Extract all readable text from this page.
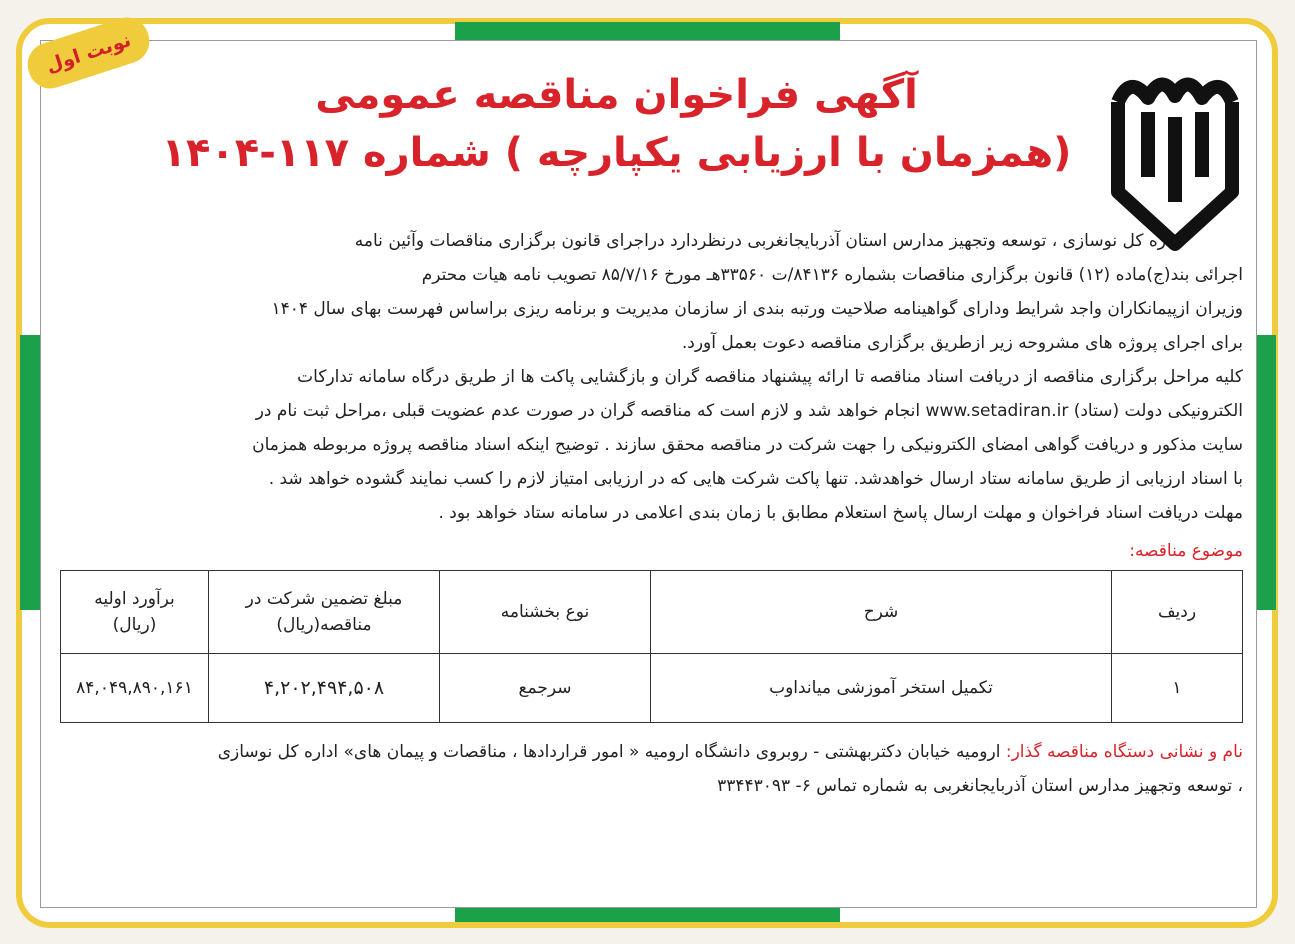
نوبت اول
آگهی فراخوان مناقصه عمومی
(همزمان با ارزیابی یکپارچه ) شماره ۱۱۷-۱۴۰۴
اداره کل نوسازی ، توسعه وتجهیز مدارس استان آذربایجانغربی درنظردارد دراجرای قانون برگزاری مناقصات وآئین نامه
اجرائی بند(ج)ماده (۱۲) قانون برگزاری مناقصات بشماره ۸۴۱۳۶/ت ۳۳۵۶۰هـ مورخ ۸۵/۷/۱۶ تصویب نامه هیات محترم
وزیران ازپیمانکاران واجد شرایط ودارای گواهینامه صلاحیت ورتبه بندی از سازمان مدیریت و برنامه ریزی براساس فهرست بهای سال ۱۴۰۴
برای اجرای پروژه های مشروحه زیر ازطریق برگزاری مناقصه دعوت بعمل آورد.
کلیه مراحل برگزاری مناقصه از دریافت اسناد مناقصه تا ارائه پیشنهاد مناقصه گران و بازگشایی پاکت ها از طریق درگاه سامانه تدارکات
الکترونیکی دولت (ستاد) www.setadiran.ir انجام خواهد شد و لازم است که مناقصه گران در صورت عدم عضویت قبلی ،مراحل ثبت نام در
سایت مذکور و دریافت گواهی امضای الکترونیکی را جهت شرکت در مناقصه محقق سازند . توضیح اینکه اسناد مناقصه پروژه مربوطه همزمان
با اسناد ارزیابی از طریق سامانه ستاد ارسال خواهدشد. تنها پاکت شرکت هایی که در ارزیابی امتیاز لازم را کسب نمایند گشوده خواهد شد .
مهلت دریافت اسناد فراخوان و مهلت ارسال پاسخ استعلام مطابق با زمان بندی اعلامی در سامانه ستاد خواهد بود .
موضوع مناقصه:
ردیف	شرح	نوع بخشنامه	مبلغ تضمین شرکت در مناقصه(ریال)	برآورد اولیه (ریال)
۱	تکمیل استخر آموزشی میانداوب	سرجمع	۴,۲۰۲,۴۹۴,۵۰۸	۸۴,۰۴۹,۸۹۰,۱۶۱
نام و نشانی دستگاه مناقصه گذار: ارومیه خیابان دکتربهشتی - روبروی دانشگاه ارومیه « امور قراردادها ، مناقصات و پیمان های» اداره کل نوسازی
، توسعه وتجهیز مدارس استان آذربایجانغربی به شماره تماس ۶- ۳۳۴۴۳۰۹۳
